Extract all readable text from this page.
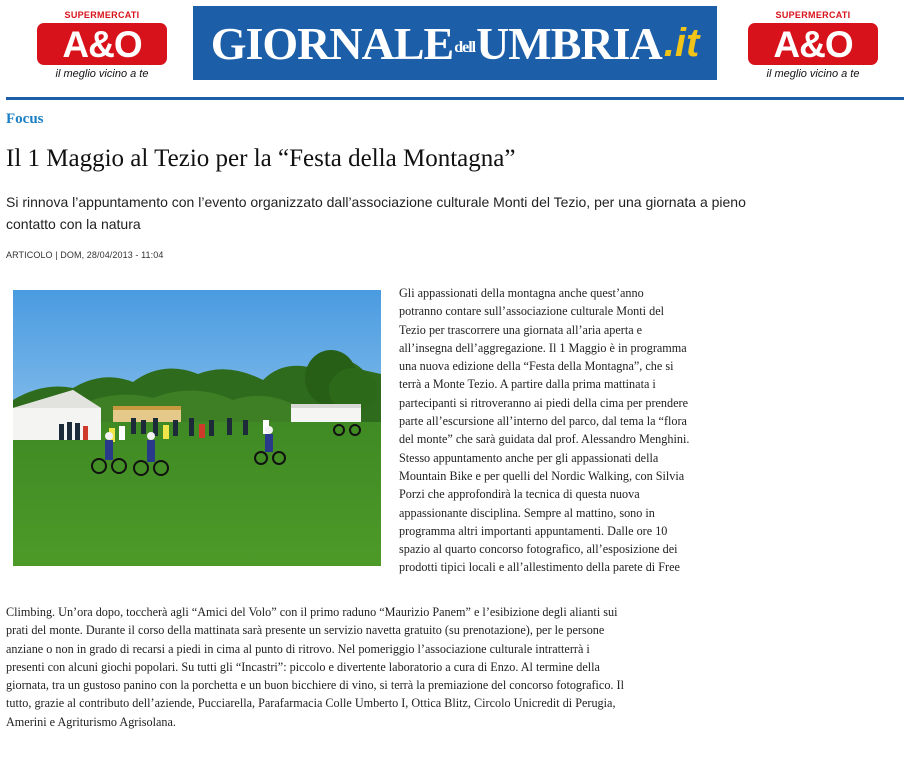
SUPERMERCATI
A&O
il meglio vicino a te
GIORNALEdellUMBRIA .it
SUPERMERCATI
A&O
il meglio vicino a te
Focus
Il 1 Maggio al Tezio per la “Festa della Montagna”
Si rinnova l’appuntamento con l’evento organizzato dall’associazione culturale Monti del Tezio, per una giornata a pieno contatto con la natura
ARTICOLO | DOM, 28/04/2013 - 11:04
Gli appassionati della montagna anche quest’anno
potranno contare sull’associazione culturale Monti del
Tezio per trascorrere una giornata all’aria aperta e
all’insegna dell’aggregazione. Il 1 Maggio è in programma
una nuova edizione della “Festa della Montagna”, che si
terrà a Monte Tezio. A partire dalla prima mattinata i
partecipanti si ritroveranno ai piedi della cima per prendere
parte all’escursione all’interno del parco, dal tema la “flora
del monte” che sarà guidata dal prof. Alessandro Menghini.
Stesso appuntamento anche per gli appassionati della
Mountain Bike e per quelli del Nordic Walking, con Silvia
Porzi che approfondirà la tecnica di questa nuova
appassionante disciplina. Sempre al mattino, sono in
programma altri importanti appuntamenti. Dalle ore 10
spazio al quarto concorso fotografico, all’esposizione dei
prodotti tipici locali e all’allestimento della parete di Free
Climbing. Un’ora dopo, toccherà agli “Amici del Volo” con il primo raduno “Maurizio Panem” e l’esibizione degli alianti sui
prati del monte. Durante il corso della mattinata sarà presente un servizio navetta gratuito (su prenotazione), per le persone
anziane o non in grado di recarsi a piedi in cima al punto di ritrovo. Nel pomeriggio l’associazione culturale intratterrà i
presenti con alcuni giochi popolari. Su tutti gli “Incastri”: piccolo e divertente laboratorio a cura di Enzo. Al termine della
giornata, tra un gustoso panino con la porchetta e un buon bicchiere di vino, si terrà la premiazione del concorso fotografico. Il
tutto, grazie al contributo dell’aziende, Pucciarella, Parafarmacia Colle Umberto I, Ottica Blitz, Circolo Unicredit di Perugia,
Amerini e Agriturismo Agrisolana.
